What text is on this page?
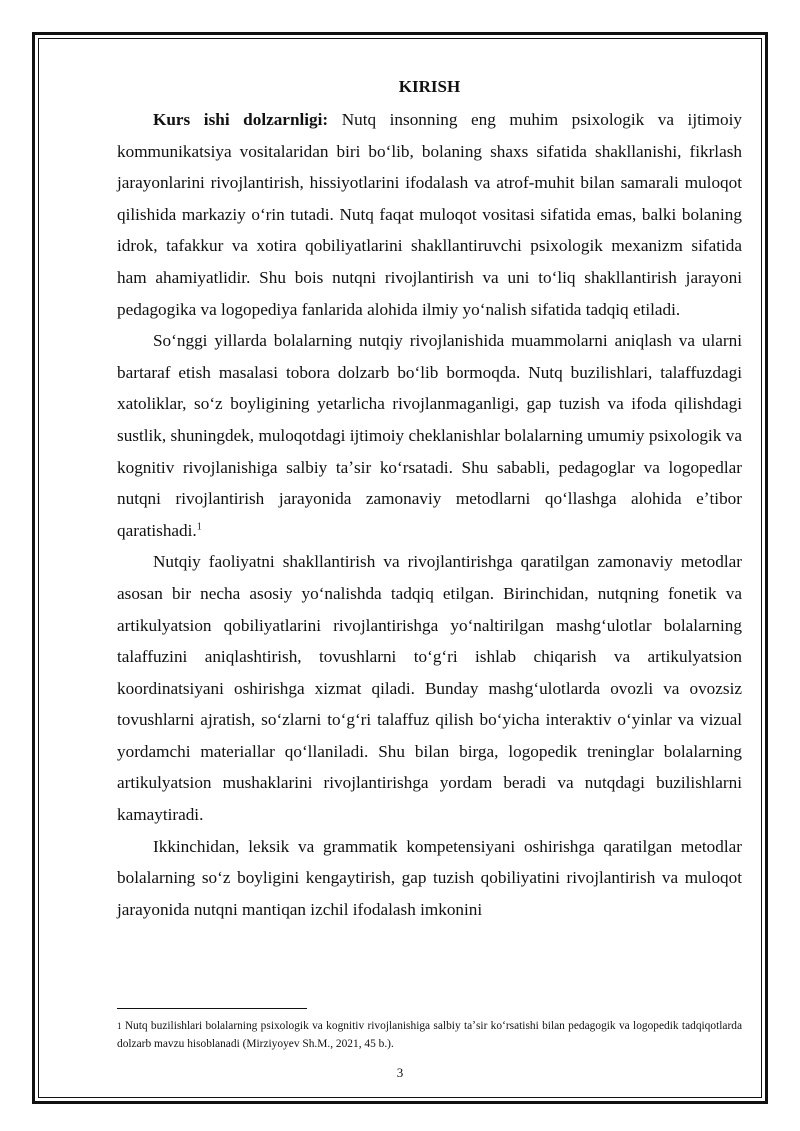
KIRISH

Kurs ishi dolzarnligi: Nutq insonning eng muhim psixologik va ijtimoiy kommunikatsiya vositalaridan biri boʻlib, bolaning shaxs sifatida shakllanishi, fikrlash jarayonlarini rivojlantirish, hissiyotlarini ifodalash va atrof-muhit bilan samarali muloqot qilishida markaziy oʻrin tutadi. Nutq faqat muloqot vositasi sifatida emas, balki bolaning idrok, tafakkur va xotira qobiliyatlarini shakllantiruvchi psixologik mexanizm sifatida ham ahamiyatlidir. Shu bois nutqni rivojlantirish va uni toʻliq shakllantirish jarayoni pedagogika va logopediya fanlarida alohida ilmiy yoʻnalish sifatida tadqiq etiladi.

Soʻnggi yillarda bolalarning nutqiy rivojlanishida muammolarni aniqlash va ularni bartaraf etish masalasi tobora dolzarb boʻlib bormoqda. Nutq buzilishlari, talaffuzdagi xatoliklar, soʻz boyligining yetarlicha rivojlanmaganligi, gap tuzish va ifoda qilishdagi sustlik, shuningdek, muloqotdagi ijtimoiy cheklanishlar bolalarning umumiy psixologik va kognitiv rivojlanishiga salbiy taʼsir koʻrsatadi. Shu sababli, pedagoglar va logopedlar nutqni rivojlantirish jarayonida zamonaviy metodlarni qoʻllashga alohida eʼtibor qaratishadi.$^1$

Nutqiy faoliyatni shakllantirish va rivojlantirishga qaratilgan zamonaviy metodlar asosan bir necha asosiy yoʻnalishda tadqiq etilgan. Birinchidan, nutqning fonetik va artikulyatsion qobiliyatlarini rivojlantirishga yoʻnaltirilgan mashgʻulotlar bolalarning talaffuzini aniqlashtirish, tovushlarni toʻgʻri ishlab chiqarish va artikulyatsion koordinatsiyani oshirishga xizmat qiladi. Bunday mashgʻulotlarda ovozli va ovozsiz tovushlarni ajratish, soʻzlarni toʻgʻri talaffuz qilish boʻyicha interaktiv oʻyinlar va vizual yordamchi materiallar qoʻllaniladi. Shu bilan birga, logopedik treninglar bolalarning artikulyatsion mushaklarini rivojlantirishga yordam beradi va nutqdagi buzilishlarni kamaytiradi.

Ikkinchidan, leksik va grammatik kompetensiyani oshirishga qaratilgan metodlar bolalarning soʻz boyligini kengaytirish, gap tuzish qobiliyatini rivojlantirish va muloqot jarayonida nutqni mantiqan izchil ifodalash imkonini

$^1$ Nutq buzilishlari bolalarning psixologik va kognitiv rivojlanishiga salbiy taʼsir koʻrsatishi bilan pedagogik va logopedik tadqiqotlarda dolzarb mavzu hisoblanadi (Mirziyoyev Sh.M., 2021, 45 b.).

3
